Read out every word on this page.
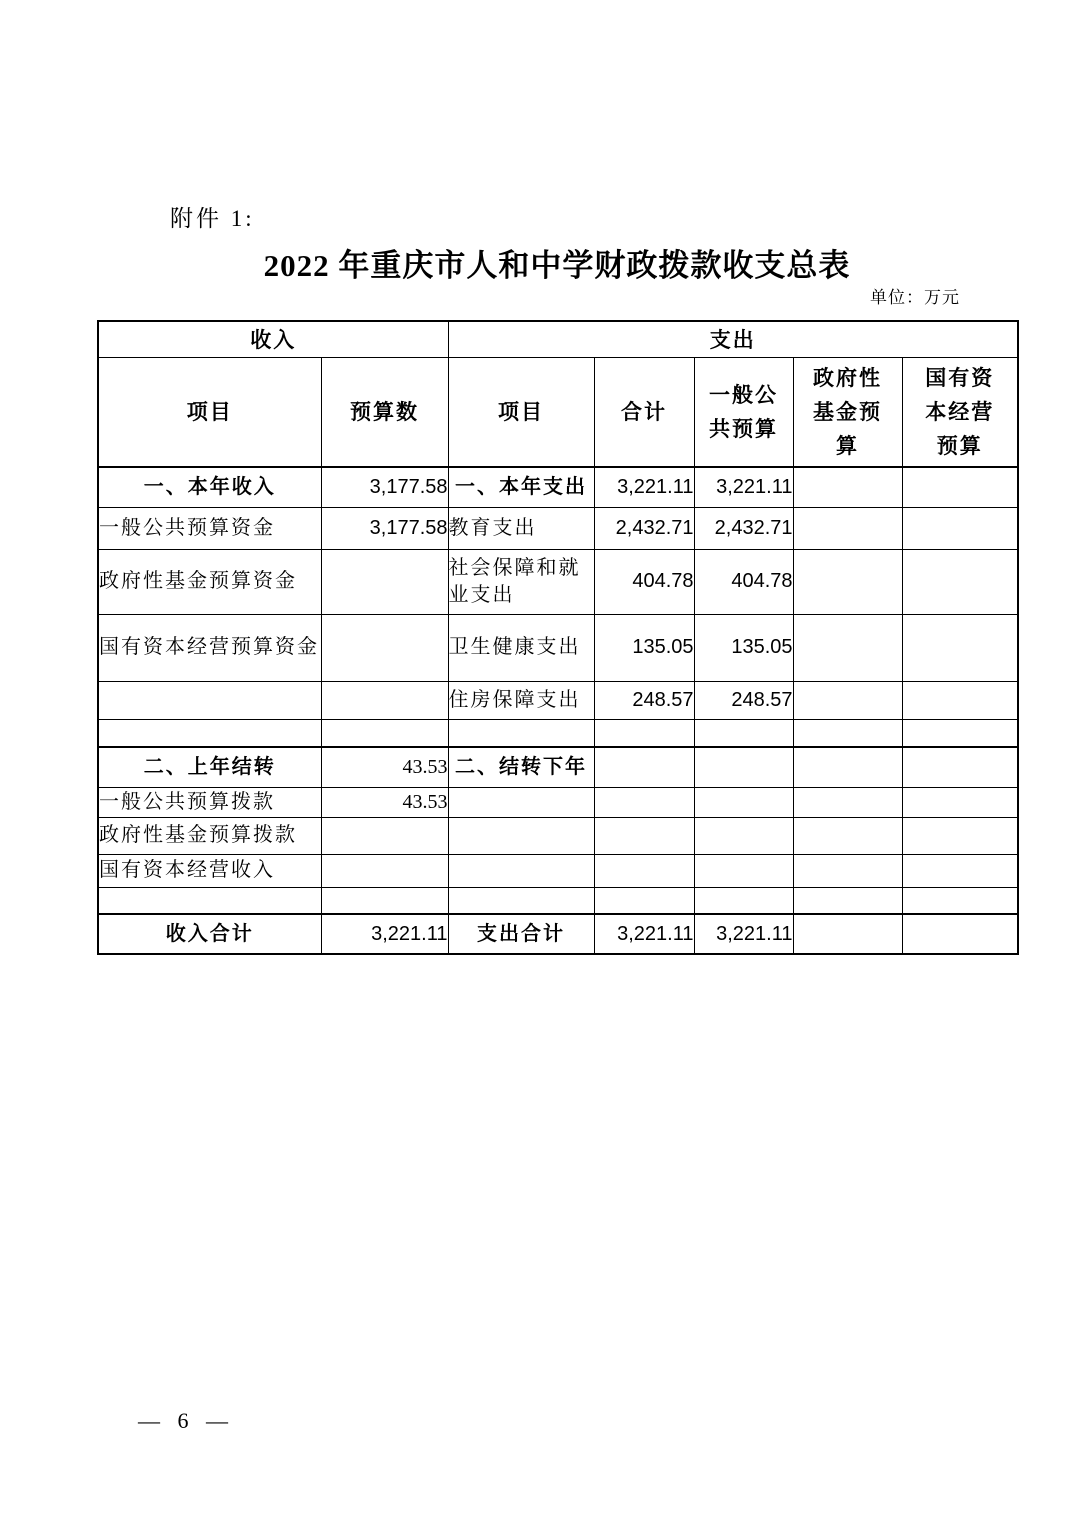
附件 1:
2022 年重庆市人和中学财政拨款收支总表
单位：万元
收入		支出				
项目	预算数	项目	合计	一般公共预算	政府性基金预算	国有资本经营预算
一、本年收入	3,177.58	一、本年支出	3,221.11	3,221.11		
一般公共预算资金	3,177.58	教育支出	2,432.71	2,432.71		
政府性基金预算资金		社会保障和就业支出	404.78	404.78		
国有资本经营预算资金		卫生健康支出	135.05	135.05		
		住房保障支出	248.57	248.57		

二、上年结转	43.53	二、结转下年				
一般公共预算拨款	43.53					
政府性基金预算拨款						
国有资本经营收入						

收入合计	3,221.11	支出合计	3,221.11	3,221.11		
— 6 —
